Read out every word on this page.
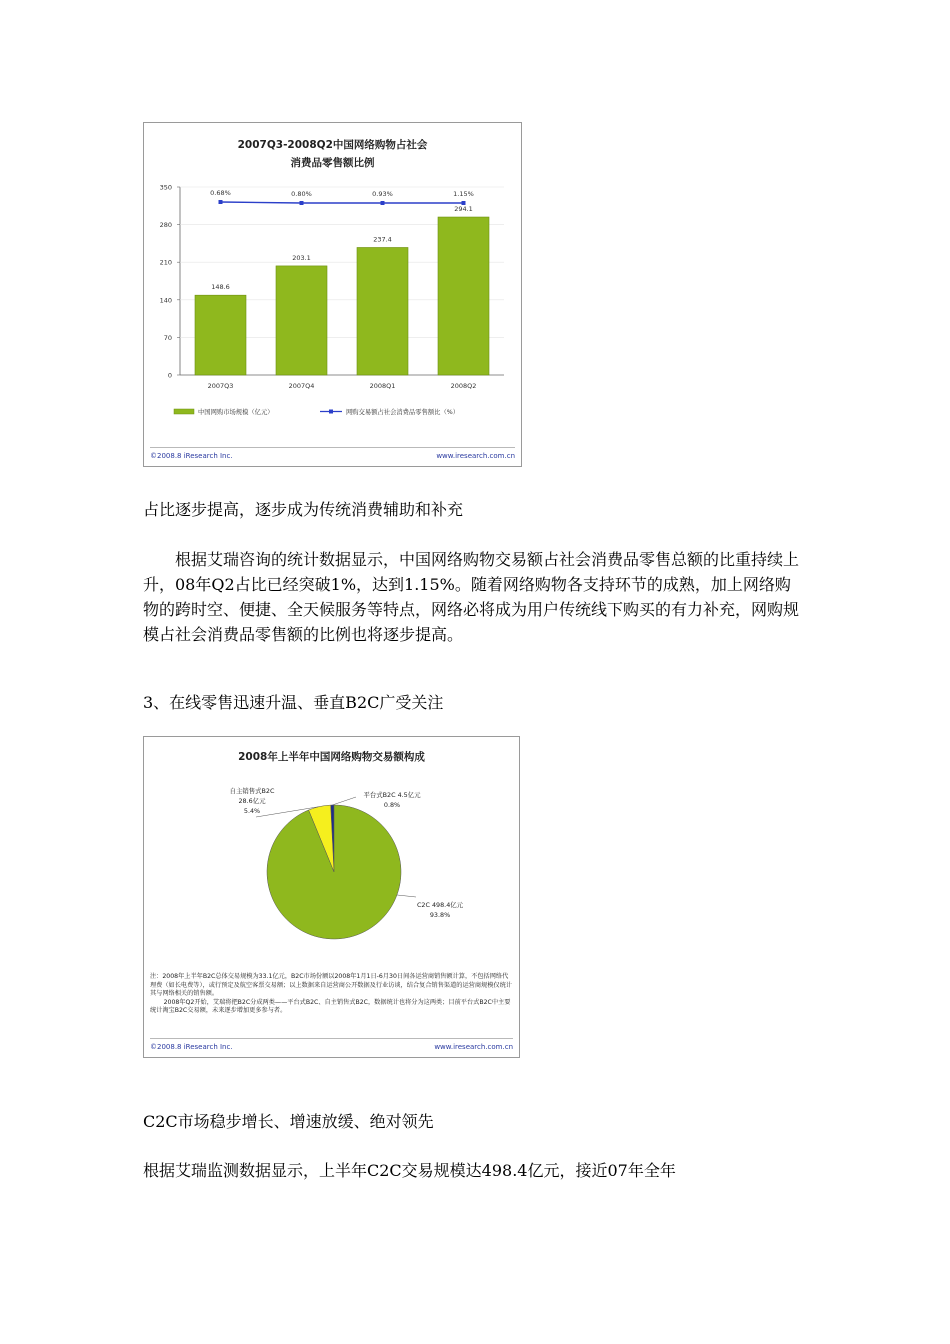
2007Q3-2008Q2中国网络购物占社会
消费品零售额比例
0
70
140
210
280
350
148.6
2007Q3
203.1
2007Q4
237.4
2008Q1
294.1
2008Q2
0.68%	0.80%	0.93%	1.15%
中国网购市场规模（亿元）	网购交易额占社会消费品零售额比（%）
©2008.8 iResearch Inc.	www.iresearch.com.cn

占比逐步提高，逐步成为传统消费辅助和补充

根据艾瑞咨询的统计数据显示，中国网络购物交易额占社会消费品零售总额的比重持续上升，08年Q2占比已经突破1%，达到1.15%。随着网络购物各支持环节的成熟，加上网络购物的跨时空、便捷、全天候服务等特点，网络必将成为用户传统线下购买的有力补充，网购规模占社会消费品零售额的比例也将逐步提高。

3、在线零售迅速升温、垂直B2C广受关注

2008年上半年中国网络购物交易额构成
自主销售式B2C
28.6亿元
5.4%
平台式B2C 4.5亿元
0.8%
C2C 498.4亿元
93.8%

注：2008年上半年B2C总体交易规模为33.1亿元，B2C市场份额以2008年1月1日-6月30日间各运营商销售额计算，不包括网络代理费（如长电费等），或行预定及航空客票交易额；以上数据来自运营商公开数据及行业访谈，结合复合销售渠道的运营商规模仅统计其与网络相关的销售额。

2008年Q2开始，艾瑞将把B2C分成两类——平台式B2C、自主销售式B2C，数据统计也将分为这两类；目前平台式B2C中主要统计淘宝B2C交易额，未来逐步增加更多参与者。

©2008.8 iResearch Inc.	www.iresearch.com.cn

C2C市场稳步增长、增速放缓、绝对领先

根据艾瑞监测数据显示，上半年C2C交易规模达498.4亿元，接近07年全年
